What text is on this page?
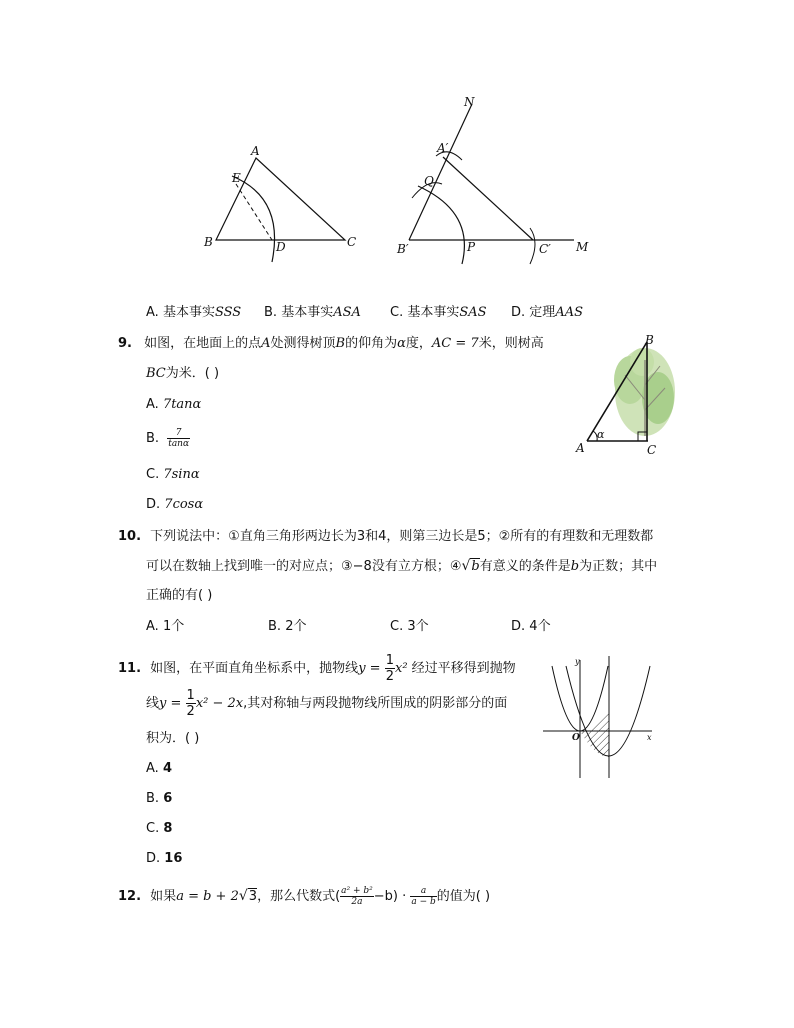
A
E
B	D	C
N
A′
Q
B′	P	C′ M
A. 基本事实SSS B. 基本事实ASA C. 基本事实SAS D. 定理AAS
9. 如图，在地面上的点A处测得树顶B的仰角为α度，AC = 7米，则树高
BC为米．( )
A. 7tanα
B. $\frac{7}{\tan\alpha}$
C. 7sinα
D. 7cosα
B
A	C
α
10. 下列说法中：①直角三角形两边长为3和4，则第三边长是5；②所有的有理数和无理数都
可以在数轴上找到唯一的对应点；③−8没有立方根；④√b有意义的条件是b为正数；其中
正确的有( )
A. 1个	B. 2个	C. 3个	D. 4个
11. 如图，在平面直角坐标系中，抛物线$y = \frac{1}{2} x^2$ 经过平移得到抛物
线$y = \frac{1}{2} x^2 - 2x$,其对称轴与两段抛物线所围成的阴影部分的面
积为．( )
A. 4
B. 6
C. 8
D. 16
y
x
O
12. 如果a = b + 2√3，那么代数式( $\frac{\text{a² + b²}}{2a} -b) \cdot \frac{a}{a - b}$ 的值为( )
